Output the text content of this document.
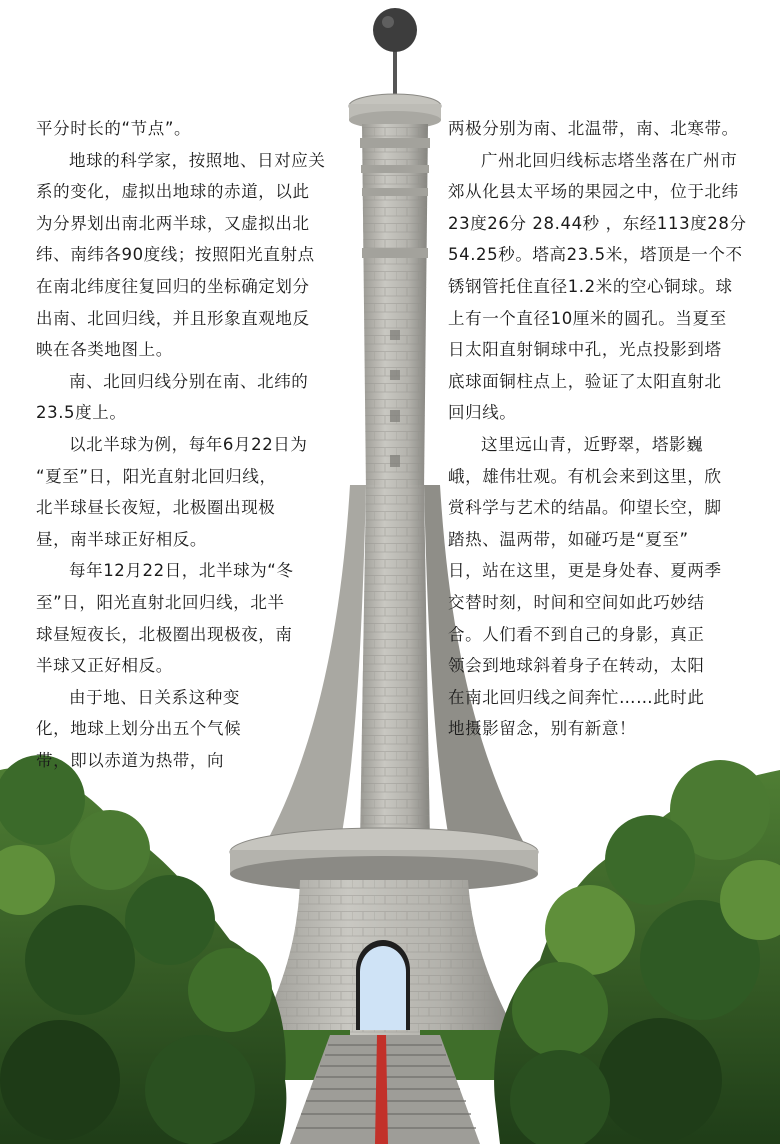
平分时长的“节点”。
地球的科学家，按照地、日对应关
系的变化，虚拟出地球的赤道，以此
为分界划出南北两半球，又虚拟出北
纬、南纬各90度线；按照阳光直射点
在南北纬度往复回归的坐标确定划分
出南、北回归线，并且形象直观地反
映在各类地图上。
南、北回归线分别在南、北纬的
23.5度上。
以北半球为例，每年6月22日为
“夏至”日，阳光直射北回归线，
北半球昼长夜短，北极圈出现极
昼，南半球正好相反。
每年12月22日，北半球为“冬
至”日，阳光直射北回归线，北半
球昼短夜长，北极圈出现极夜，南
半球又正好相反。
由于地、日关系这种变
化，地球上划分出五个气候
带，即以赤道为热带，向
两极分别为南、北温带，南、北寒带。
广州北回归线标志塔坐落在广州市
郊从化县太平场的果园之中，位于北纬
23度26分 28.44秒 ，东经113度28分
54.25秒。塔高23.5米，塔顶是一个不
锈钢管托住直径1.2米的空心铜球。球
上有一个直径10厘米的圆孔。当夏至
日太阳直射铜球中孔，光点投影到塔
底球面铜柱点上，验证了太阳直射北
回归线。
这里远山青，近野翠，塔影巍
峨，雄伟壮观。有机会来到这里，欣
赏科学与艺术的结晶。仰望长空，脚
踏热、温两带，如碰巧是“夏至”
日，站在这里，更是身处春、夏两季
交替时刻，时间和空间如此巧妙结
合。人们看不到自己的身影，真正
领会到地球斜着身子在转动，太阳
在南北回归线之间奔忙……此时此
地摄影留念，别有新意！
